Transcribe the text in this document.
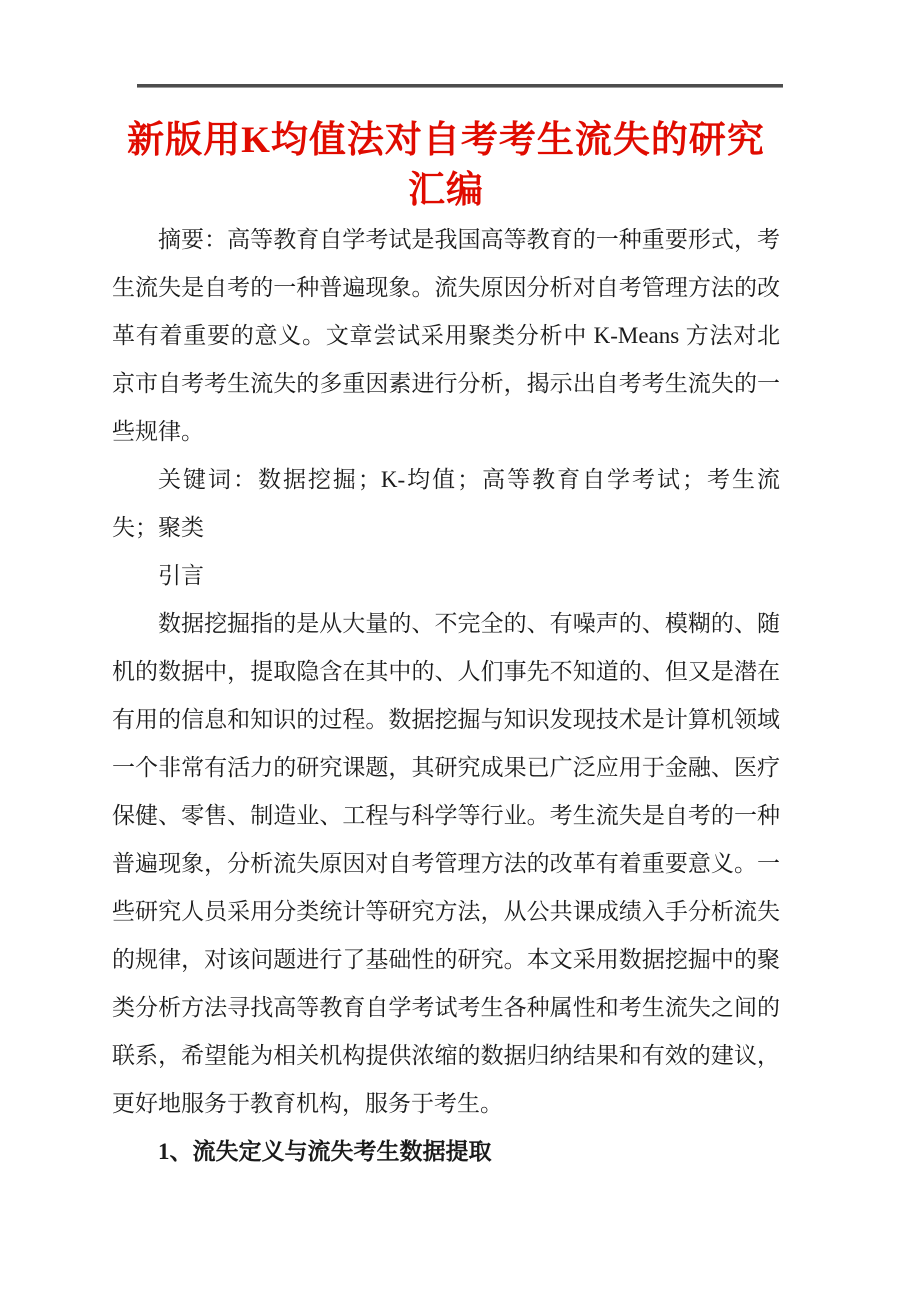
新版用K均值法对自考考生流失的研究汇编

摘要：高等教育自学考试是我国高等教育的一种重要形式，考生流失是自考的一种普遍现象。流失原因分析对自考管理方法的改革有着重要的意义。文章尝试采用聚类分析中 K-Means 方法对北京市自考考生流失的多重因素进行分析，揭示出自考考生流失的一些规律。

关键词：数据挖掘；K-均值；高等教育自学考试；考生流失；聚类

引言

数据挖掘指的是从大量的、不完全的、有噪声的、模糊的、随机的数据中，提取隐含在其中的、人们事先不知道的、但又是潜在有用的信息和知识的过程。数据挖掘与知识发现技术是计算机领域一个非常有活力的研究课题，其研究成果已广泛应用于金融、医疗保健、零售、制造业、工程与科学等行业。考生流失是自考的一种普遍现象，分析流失原因对自考管理方法的改革有着重要意义。一些研究人员采用分类统计等研究方法，从公共课成绩入手分析流失的规律，对该问题进行了基础性的研究。本文采用数据挖掘中的聚类分析方法寻找高等教育自学考试考生各种属性和考生流失之间的联系，希望能为相关机构提供浓缩的数据归纳结果和有效的建议，更好地服务于教育机构，服务于考生。

1、流失定义与流失考生数据提取
